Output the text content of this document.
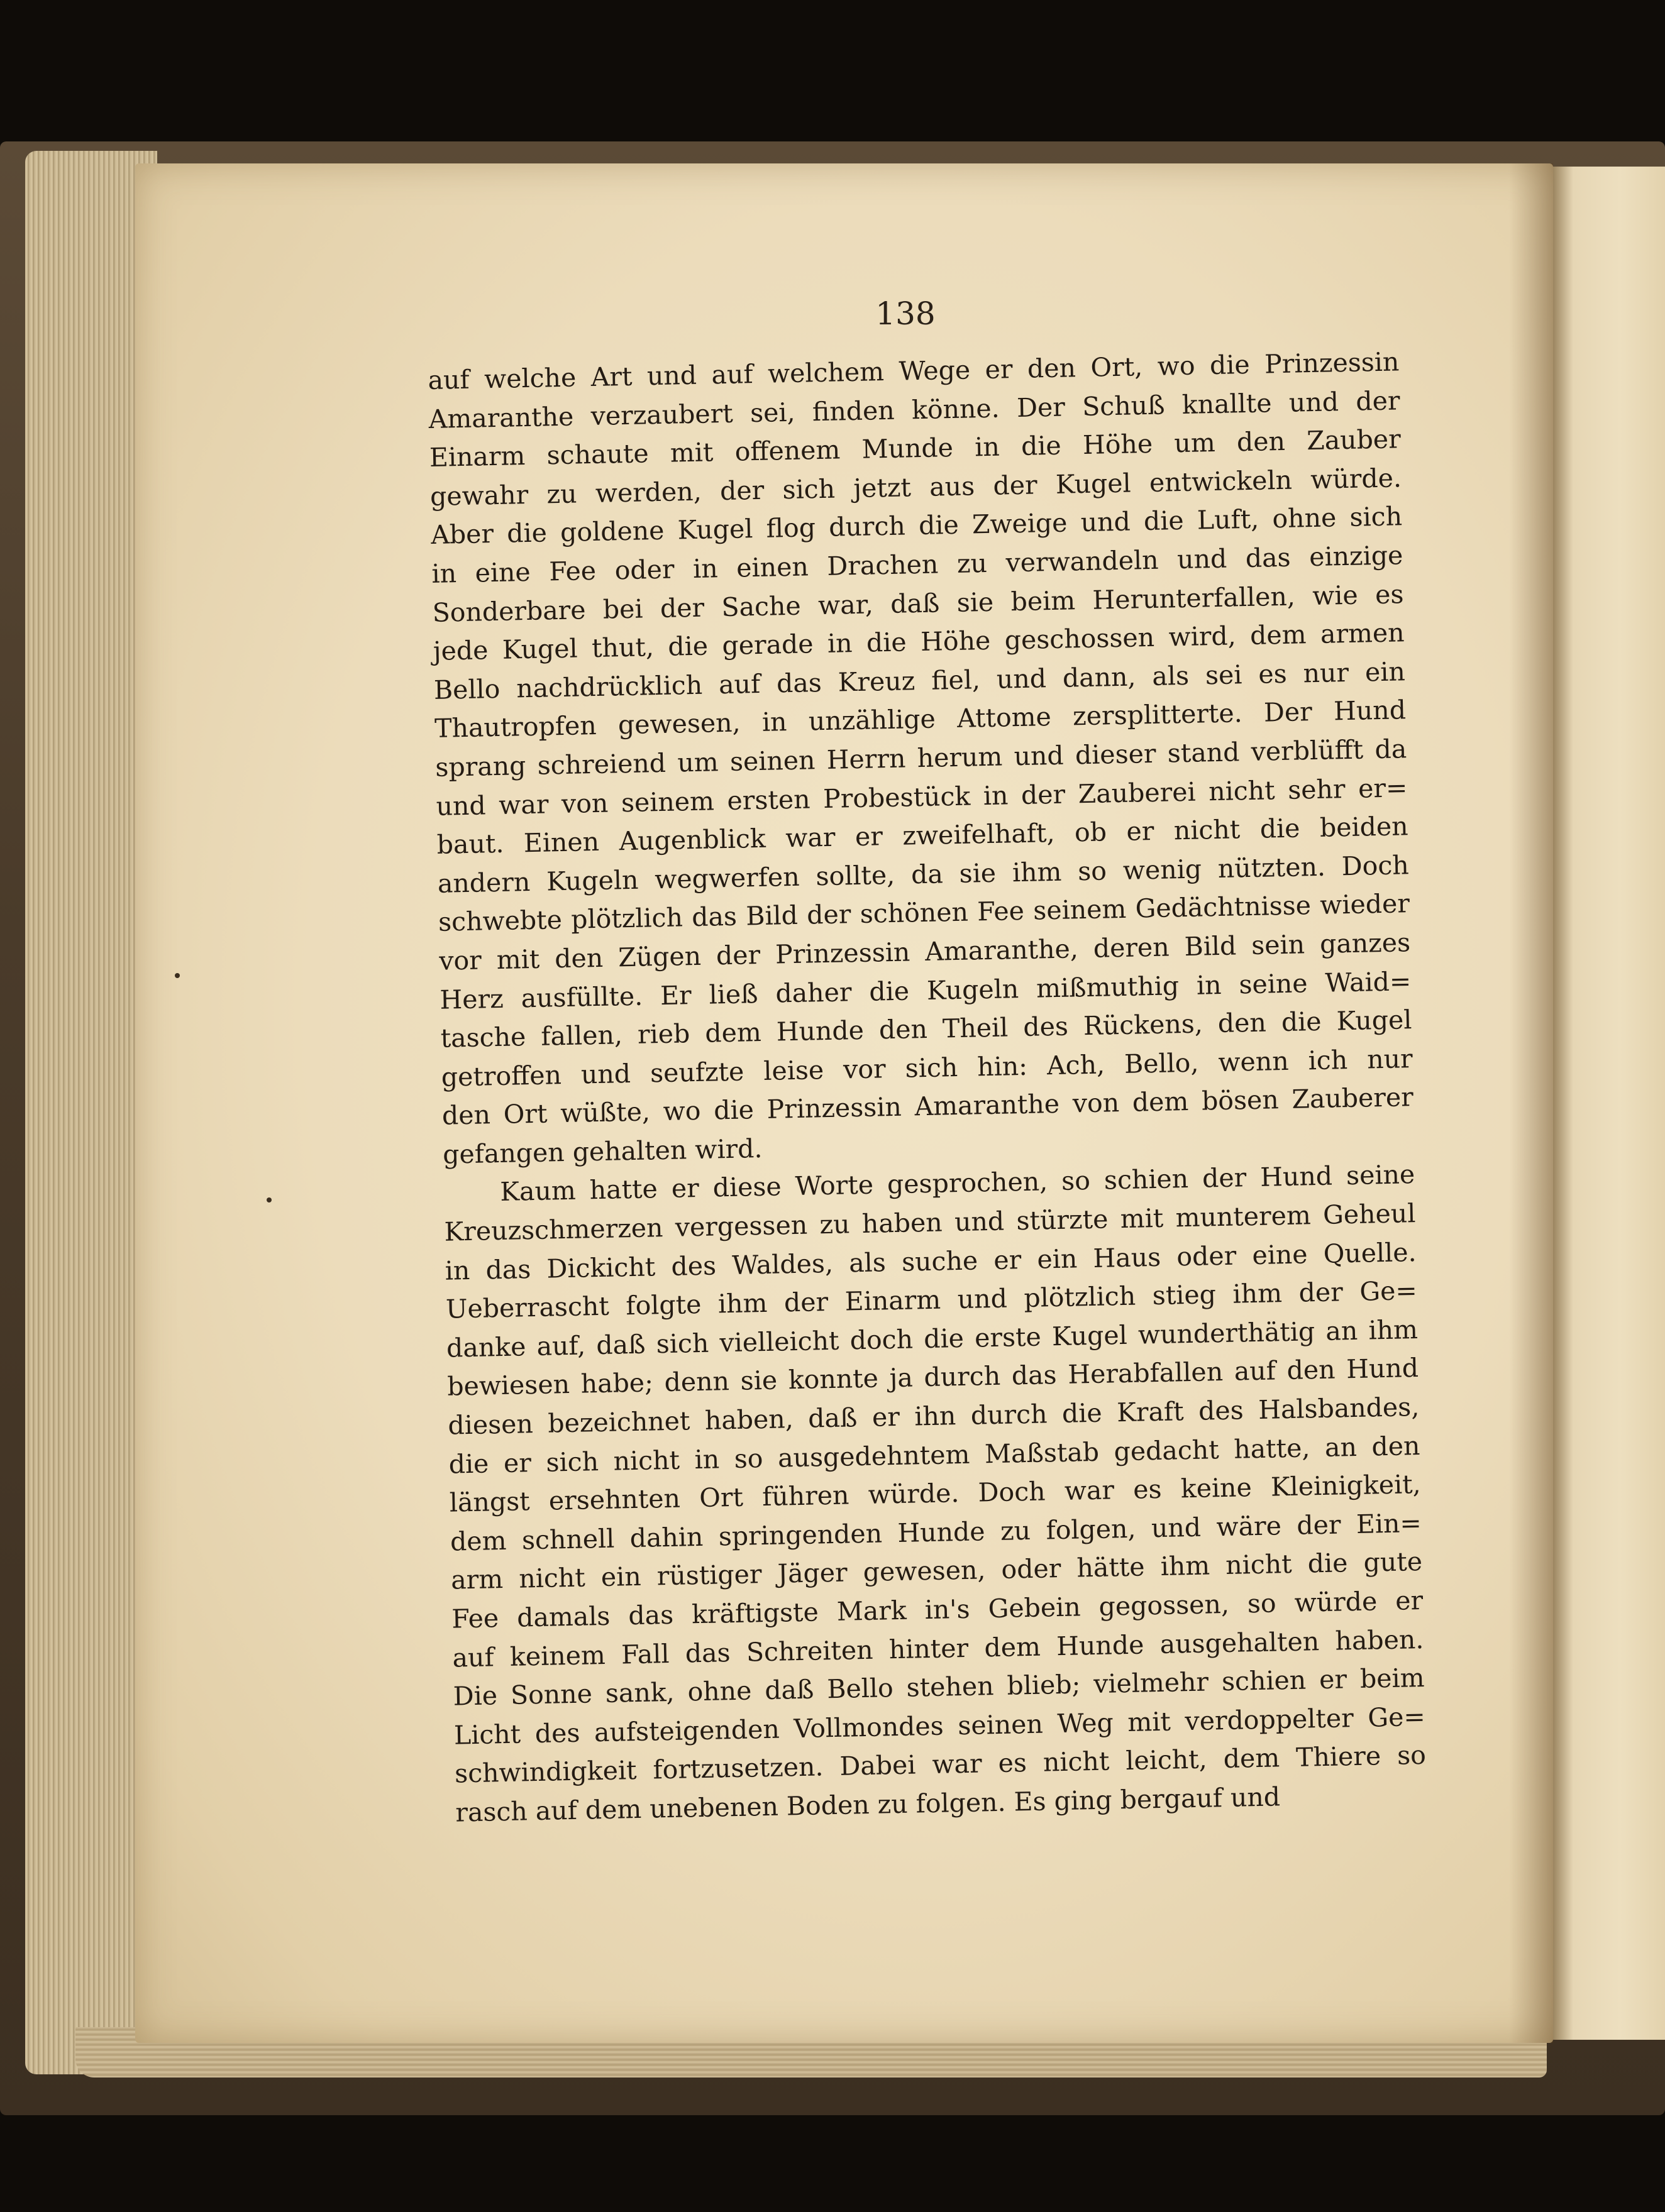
138
auf welche Art und auf welchem Wege er den Ort, wo die Prinzessin
Amaranthe verzaubert sei, finden könne. Der Schuß knallte und der
Einarm schaute mit offenem Munde in die Höhe um den Zauber
gewahr zu werden, der sich jetzt aus der Kugel entwickeln würde.
Aber die goldene Kugel flog durch die Zweige und die Luft, ohne sich
in eine Fee oder in einen Drachen zu verwandeln und das einzige
Sonderbare bei der Sache war, daß sie beim Herunterfallen, wie es
jede Kugel thut, die gerade in die Höhe geschossen wird, dem armen
Bello nachdrücklich auf das Kreuz fiel, und dann, als sei es nur ein
Thautropfen gewesen, in unzählige Attome zersplitterte. Der Hund
sprang schreiend um seinen Herrn herum und dieser stand verblüfft da
und war von seinem ersten Probestück in der Zauberei nicht sehr er=
baut. Einen Augenblick war er zweifelhaft, ob er nicht die beiden
andern Kugeln wegwerfen sollte, da sie ihm so wenig nützten. Doch
schwebte plötzlich das Bild der schönen Fee seinem Gedächtnisse wieder
vor mit den Zügen der Prinzessin Amaranthe, deren Bild sein ganzes
Herz ausfüllte. Er ließ daher die Kugeln mißmuthig in seine Waid=
tasche fallen, rieb dem Hunde den Theil des Rückens, den die Kugel
getroffen und seufzte leise vor sich hin: Ach, Bello, wenn ich nur
den Ort wüßte, wo die Prinzessin Amaranthe von dem bösen Zauberer
gefangen gehalten wird.
Kaum hatte er diese Worte gesprochen, so schien der Hund seine
Kreuzschmerzen vergessen zu haben und stürzte mit munterem Geheul
in das Dickicht des Waldes, als suche er ein Haus oder eine Quelle.
Ueberrascht folgte ihm der Einarm und plötzlich stieg ihm der Ge=
danke auf, daß sich vielleicht doch die erste Kugel wunderthätig an ihm
bewiesen habe; denn sie konnte ja durch das Herabfallen auf den Hund
diesen bezeichnet haben, daß er ihn durch die Kraft des Halsbandes,
die er sich nicht in so ausgedehntem Maßstab gedacht hatte, an den
längst ersehnten Ort führen würde. Doch war es keine Kleinigkeit,
dem schnell dahin springenden Hunde zu folgen, und wäre der Ein=
arm nicht ein rüstiger Jäger gewesen, oder hätte ihm nicht die gute
Fee damals das kräftigste Mark in's Gebein gegossen, so würde er
auf keinem Fall das Schreiten hinter dem Hunde ausgehalten haben.
Die Sonne sank, ohne daß Bello stehen blieb; vielmehr schien er beim
Licht des aufsteigenden Vollmondes seinen Weg mit verdoppelter Ge=
schwindigkeit fortzusetzen. Dabei war es nicht leicht, dem Thiere so
rasch auf dem unebenen Boden zu folgen. Es ging bergauf und
